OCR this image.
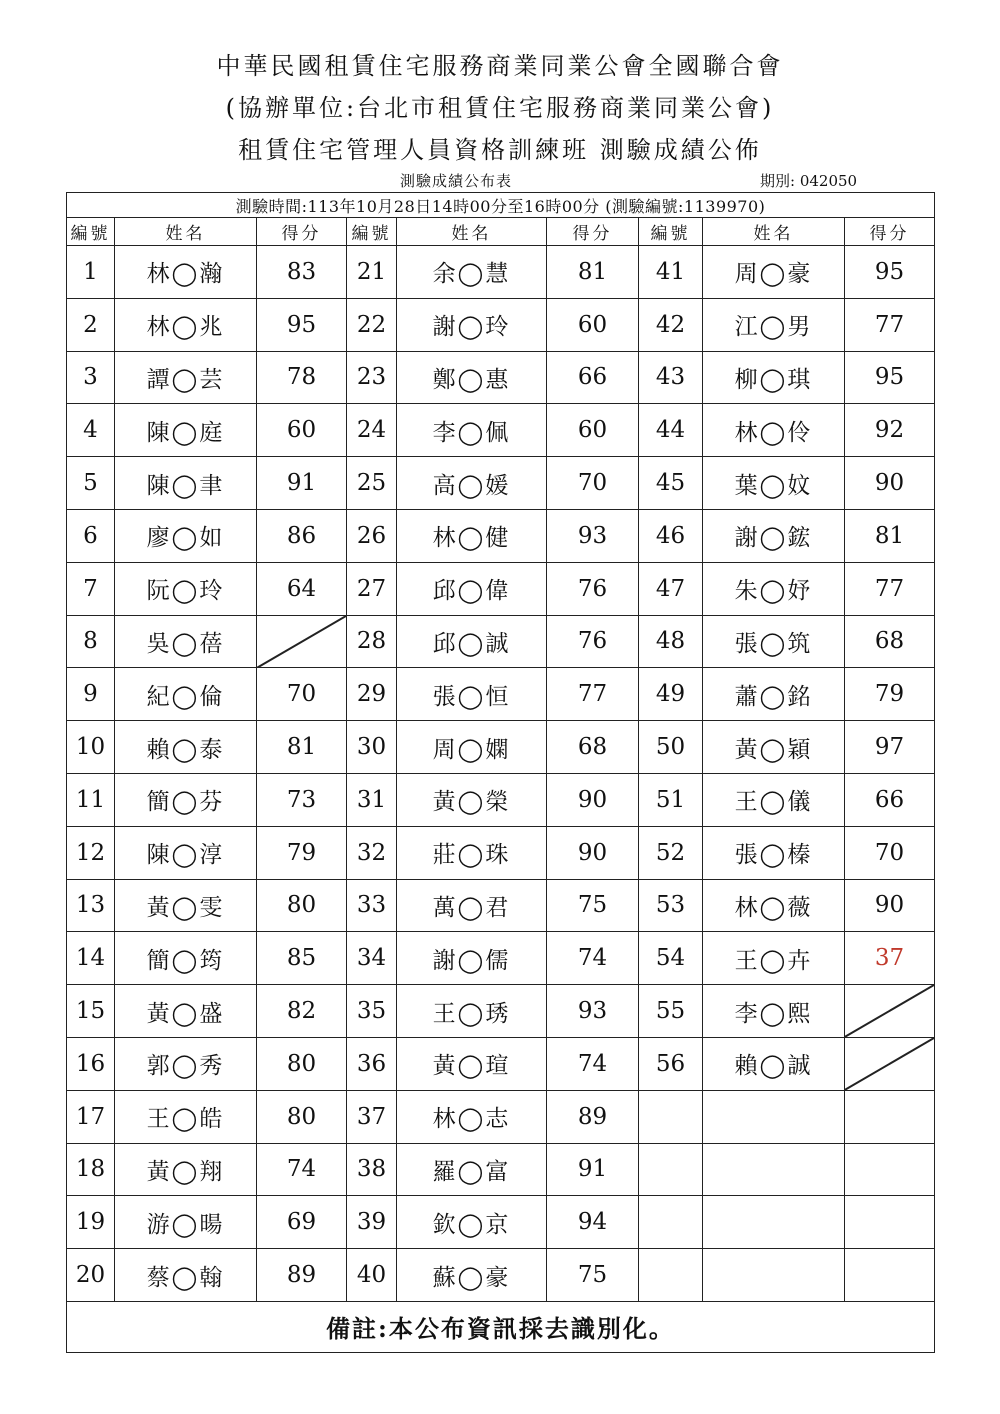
中華民國租賃住宅服務商業同業公會全國聯合會
(協辦單位:台北市租賃住宅服務商業同業公會)
租賃住宅管理人員資格訓練班 測驗成績公佈
測驗成績公布表	期別: 042050
測驗時間:113年10月28日14時00分至16時00分 (測驗編號:1139970)								
編號	姓名	得分	編號	姓名	得分	編號	姓名	得分
1	林◯瀚	83	21	余◯慧	81	41	周◯豪	95
2	林◯兆	95	22	謝◯玲	60	42	江◯男	77
3	譚◯芸	78	23	鄭◯惠	66	43	柳◯琪	95
4	陳◯庭	60	24	李◯佩	60	44	林◯伶	92
5	陳◯聿	91	25	高◯媛	70	45	葉◯妏	90
6	廖◯如	86	26	林◯健	93	46	謝◯鋐	81
7	阮◯玲	64	27	邱◯偉	76	47	朱◯妤	77
8	吳◯蓓		28	邱◯誠	76	48	張◯筑	68
9	紀◯倫	70	29	張◯恒	77	49	蕭◯銘	79
10	賴◯泰	81	30	周◯嫻	68	50	黃◯穎	97
11	簡◯芬	73	31	黃◯榮	90	51	王◯儀	66
12	陳◯淳	79	32	莊◯珠	90	52	張◯榛	70
13	黃◯雯	80	33	萬◯君	75	53	林◯薇	90
14	簡◯筠	85	34	謝◯儒	74	54	王◯卉	37
15	黃◯盛	82	35	王◯琇	93	55	李◯熙	

16	郭◯秀	80	36	黃◯瑄	74	56	賴◯誠	

17	王◯皓	80	37	林◯志	89			
18	黃◯翔	74	38	羅◯富	91			
19	游◯暘	69	39	欽◯京	94			
20	蔡◯翰	89	40	蘇◯豪	75			
備註:本公布資訊採去識別化。								
